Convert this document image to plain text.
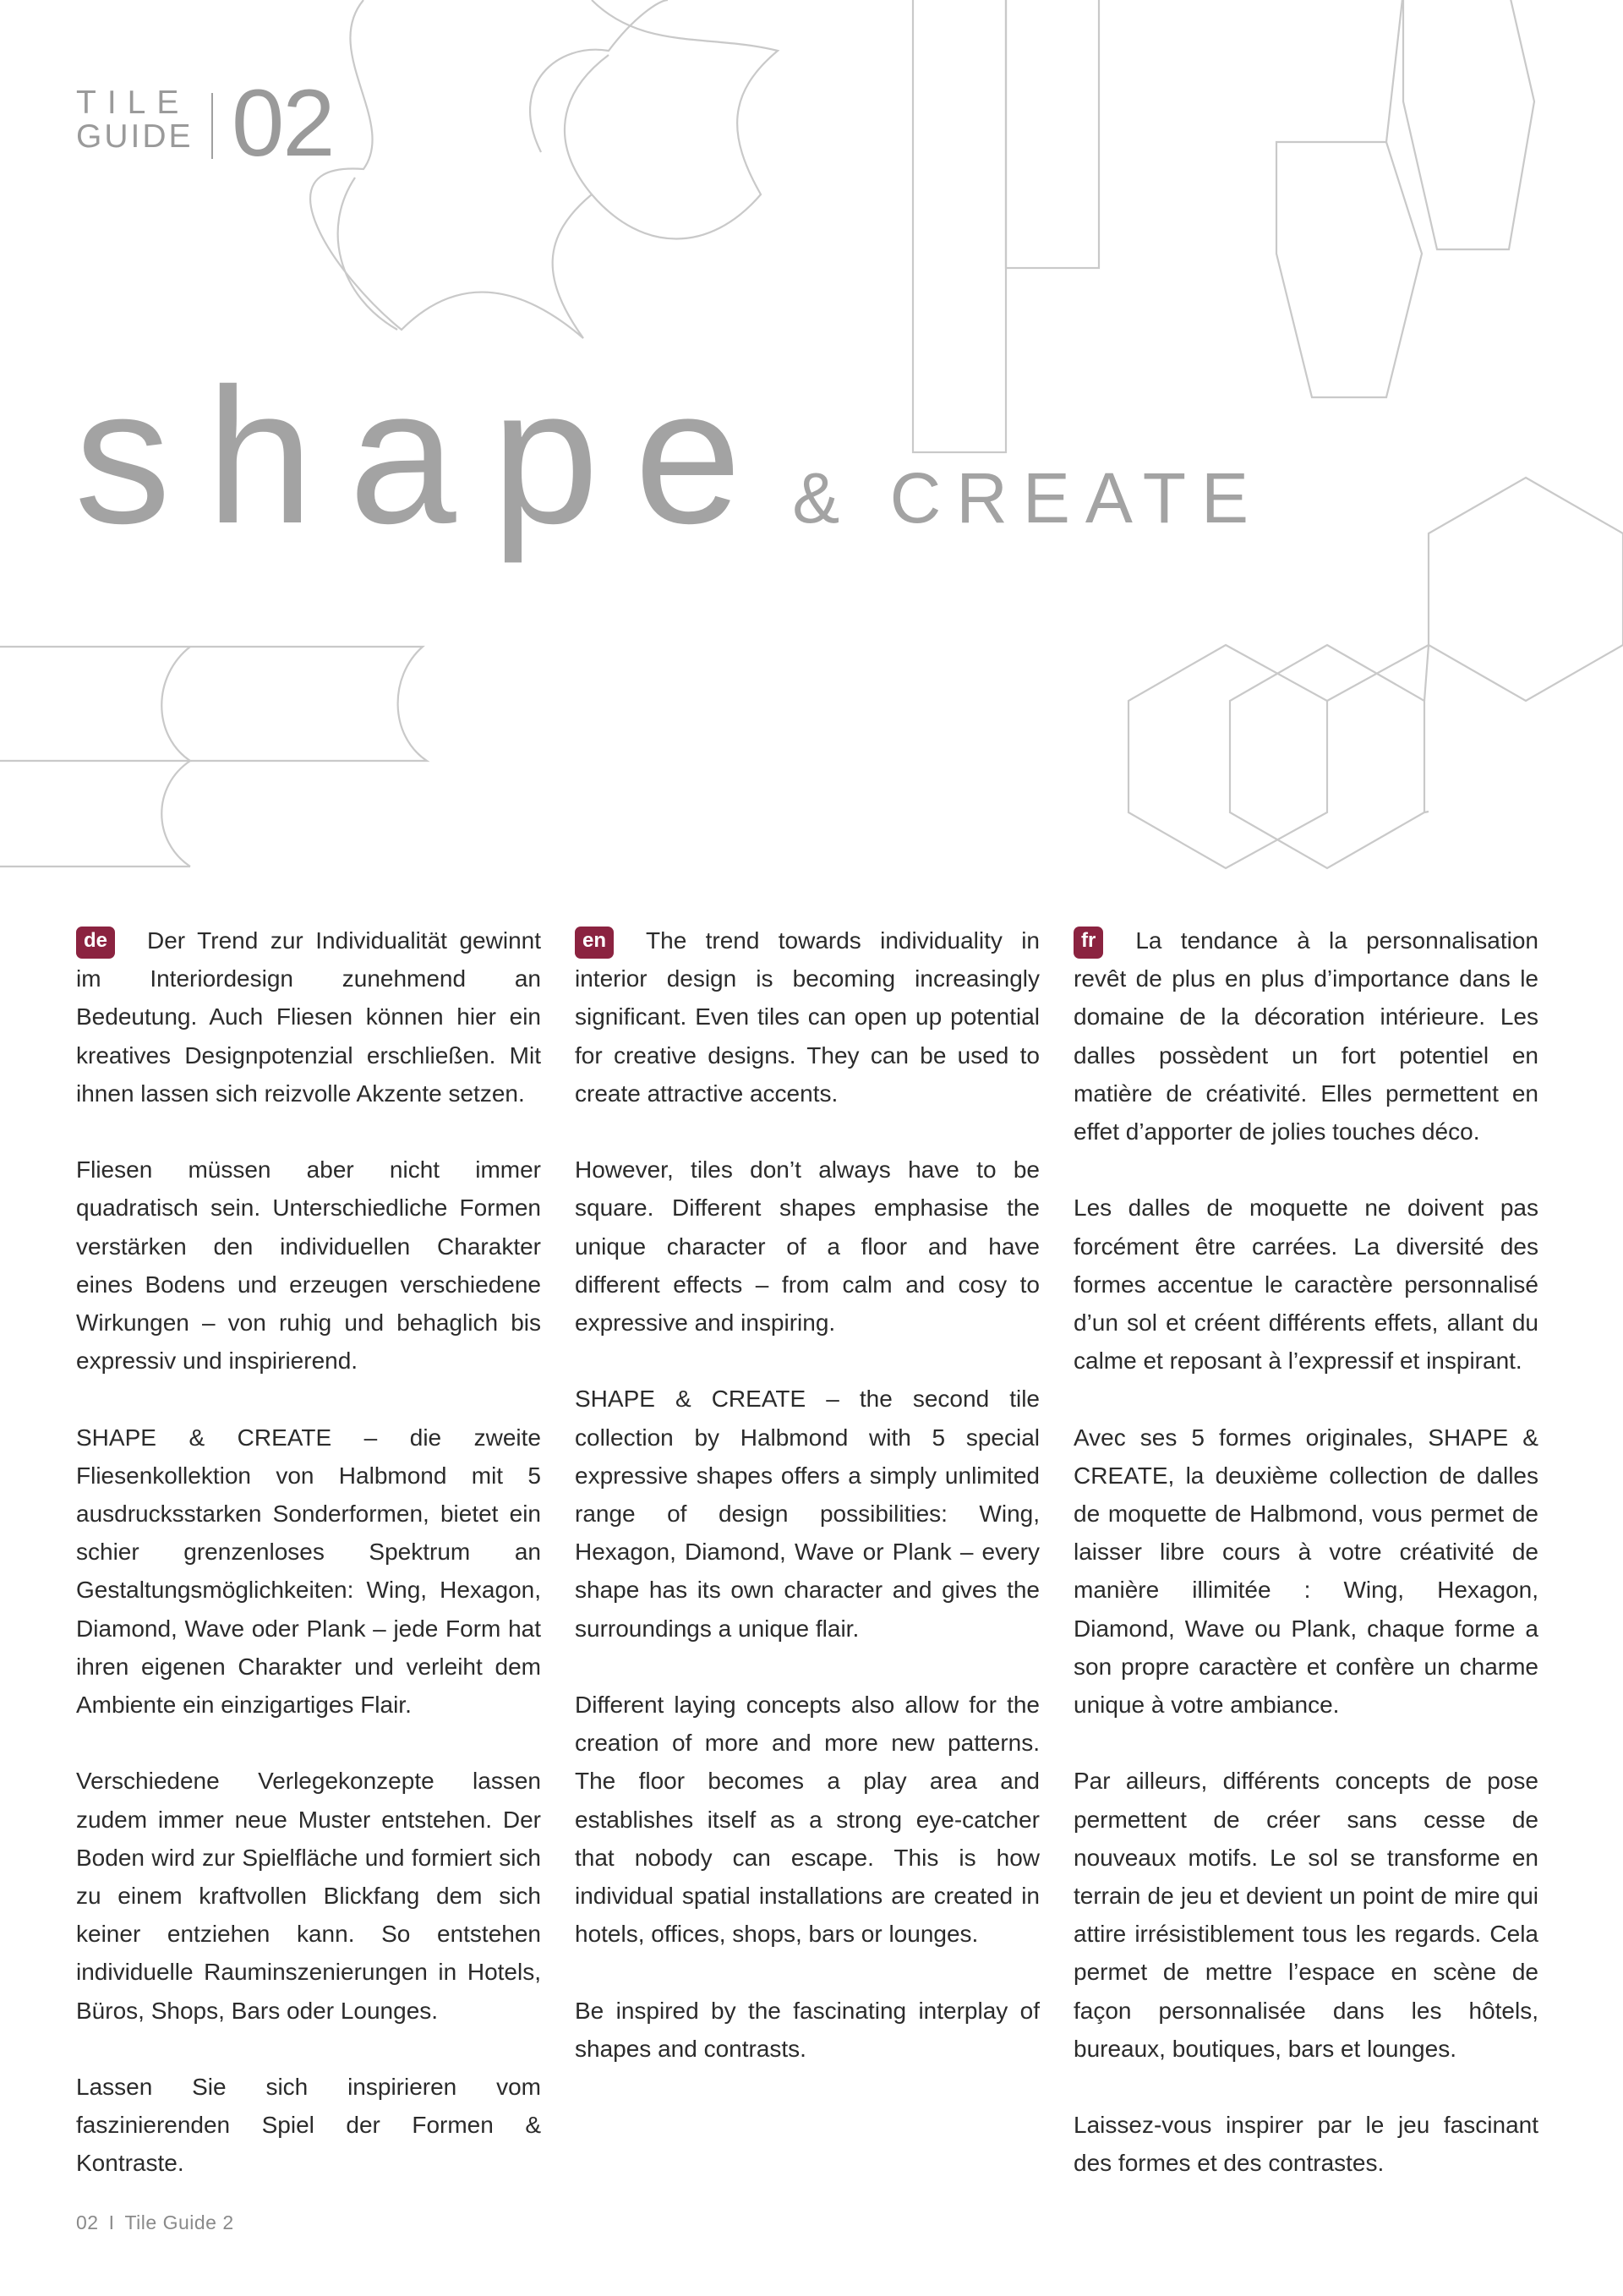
TILE
GUIDE 02
shape & CREATE

de Der Trend zur Individualität gewinnt im Interiordesign zunehmend an Bedeutung. Auch Fliesen können hier ein kreatives Designpotenzial erschließen. Mit ihnen lassen sich reizvolle Akzente setzen.

Fliesen müssen aber nicht immer quadratisch sein. Unterschiedliche Formen verstärken den individuellen Charakter eines Bodens und erzeugen verschiedene Wirkungen – von ruhig und behaglich bis expressiv und inspirierend.

SHAPE & CREATE – die zweite Fliesenkollektion von Halbmond mit 5 ausdrucksstarken Sonderformen, bietet ein schier grenzenloses Spektrum an Gestaltungsmöglichkeiten: Wing, Hexagon, Diamond, Wave oder Plank – jede Form hat ihren eigenen Charakter und verleiht dem Ambiente ein einzigartiges Flair.

Verschiedene Verlegekonzepte lassen zudem immer neue Muster entstehen. Der Boden wird zur Spielfläche und formiert sich zu einem kraftvollen Blickfang dem sich keiner entziehen kann. So entstehen individuelle Rauminszenierungen in Hotels, Büros, Shops, Bars oder Lounges.

Lassen Sie sich inspirieren vom faszinierenden Spiel der Formen & Kontraste.

en The trend towards individuality in interior design is becoming increasingly significant. Even tiles can open up potential for creative designs. They can be used to create attractive accents.

However, tiles don’t always have to be square. Different shapes emphasise the unique character of a floor and have different effects – from calm and cosy to expressive and inspiring.

SHAPE & CREATE – the second tile collection by Halbmond with 5 special expressive shapes offers a simply unlimited range of design possibilities: Wing, Hexagon, Diamond, Wave or Plank – every shape has its own character and gives the surroundings a unique flair.

Different laying concepts also allow for the creation of more and more new patterns. The floor becomes a play area and establishes itself as a strong eye-catcher that nobody can escape. This is how individual spatial installations are created in hotels, offices, shops, bars or lounges.

Be inspired by the fascinating interplay of shapes and contrasts.

fr La tendance à la personnalisation revêt de plus en plus d’importance dans le domaine de la décoration intérieure. Les dalles possèdent un fort potentiel en matière de créativité. Elles permettent en effet d’apporter de jolies touches déco.

Les dalles de moquette ne doivent pas forcément être carrées. La diversité des formes accentue le caractère personnalisé d’un sol et créent différents effets, allant du calme et reposant à l’expressif et inspirant.

Avec ses 5 formes originales, SHAPE & CREATE, la deuxième collection de dalles de moquette de Halbmond, vous permet de laisser libre cours à votre créativité de manière illimitée : Wing, Hexagon, Diamond, Wave ou Plank, chaque forme a son propre caractère et confère un charme unique à votre ambiance.

Par ailleurs, différents concepts de pose permettent de créer sans cesse de nouveaux motifs. Le sol se transforme en terrain de jeu et devient un point de mire qui attire irrésistiblement tous les regards. Cela permet de mettre l’espace en scène de façon personnalisée dans les hôtels, bureaux, boutiques, bars et lounges.

Laissez-vous inspirer par le jeu fascinant des formes et des contrastes.

02 I Tile Guide 2
